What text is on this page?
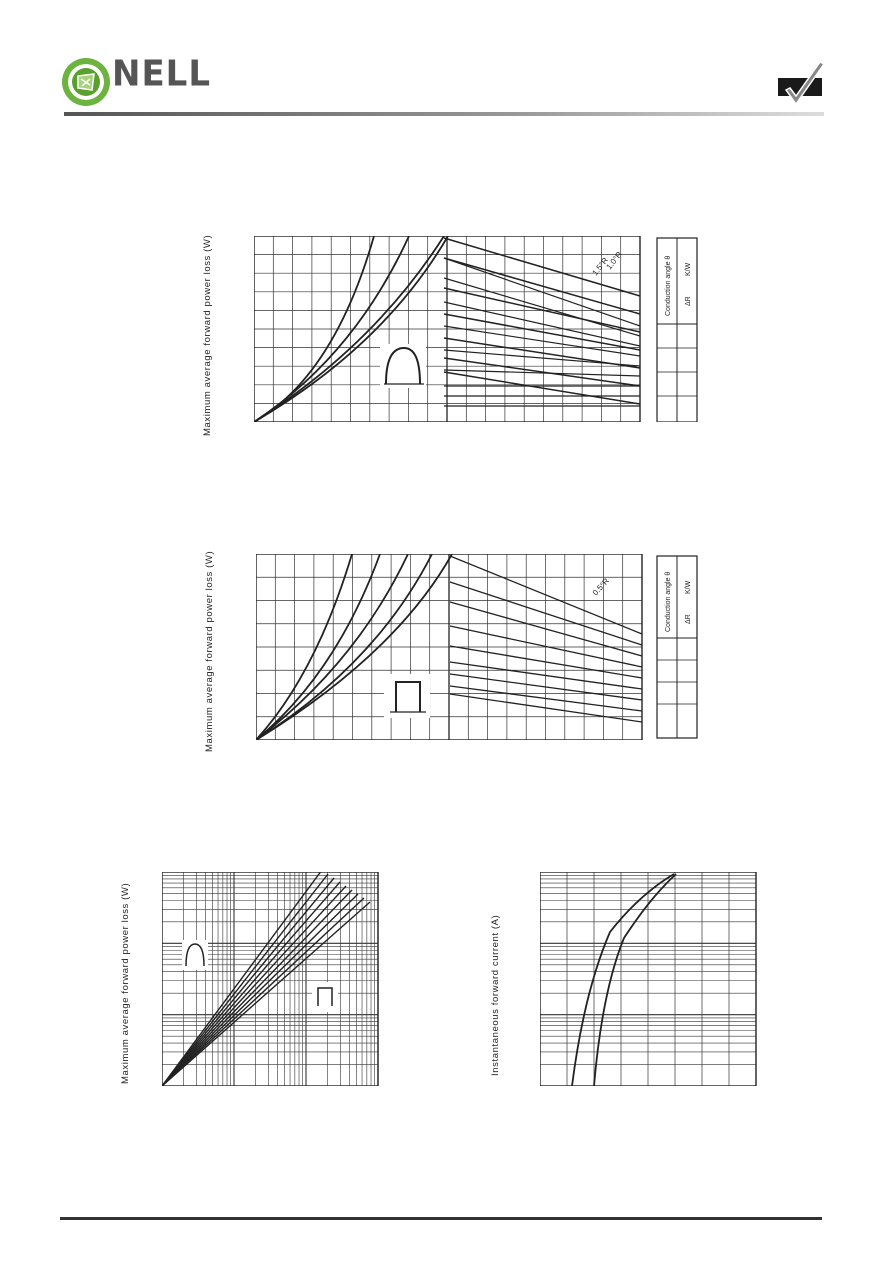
NELL
Maximum average forward power loss (W)	1.0°R
1.5°R	Conduction angle θ K/W
ΔR
Maximum average forward power loss (W)	0.5°R	Conduction angle θ K/W
ΔR
Maximum average forward power loss (W)	Instantaneous forward current (A)
